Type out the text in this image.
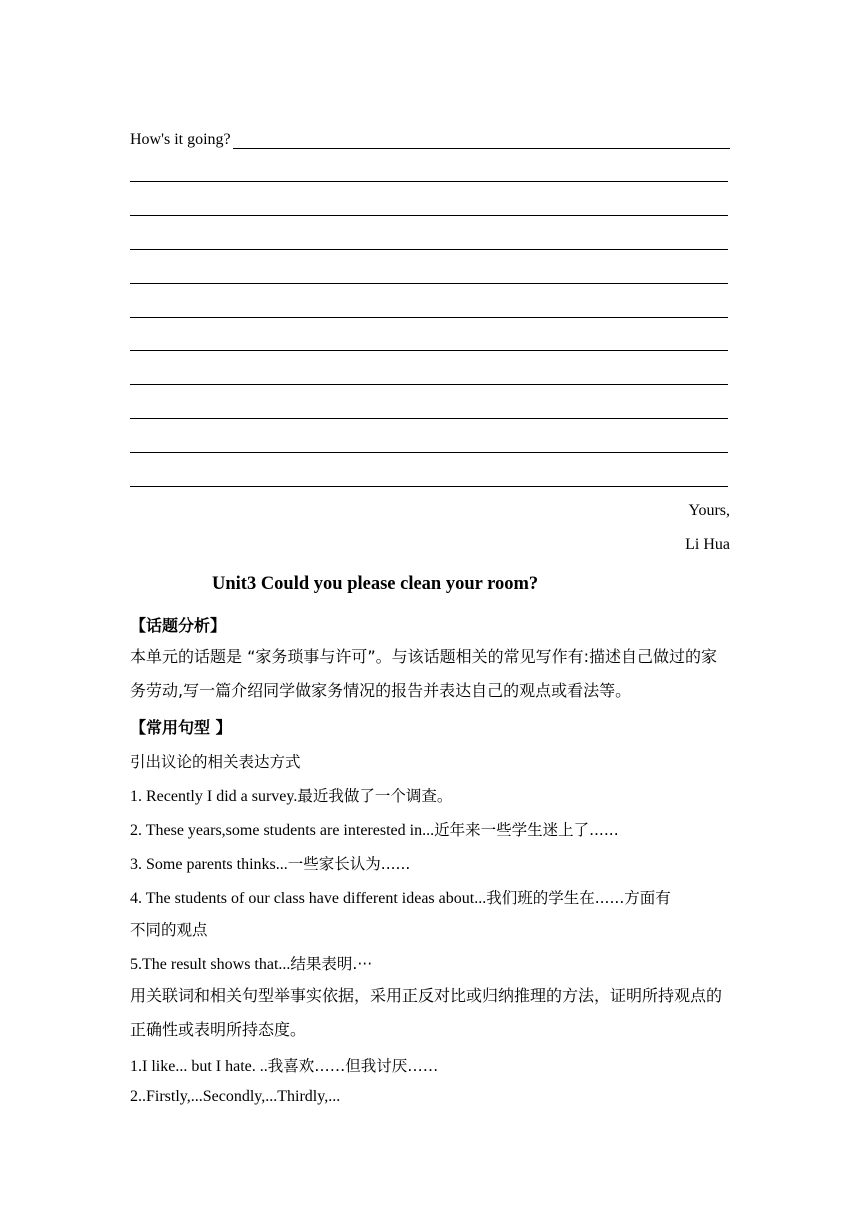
How's it going?
Yours,
Li Hua
Unit3 Could you please clean your room?
【话题分析】
本单元的话题是 “家务琐事与许可”。与该话题相关的常见写作有:描述自己做过的家务劳动,写一篇介绍同学做家务情况的报告并表达自己的观点或看法等。
【常用句型 】
引出议论的相关表达方式
1. Recently I did a survey.最近我做了一个调查。
2. These years,some students are interested in...近年来一些学生迷上了......
3. Some parents thinks...一些家长认为......
4. The students of our class have different ideas about...我们班的学生在......方面有
不同的观点
5.The result shows that...结果表明.···
用关联词和相关句型举事实依据，采用正反对比或归纳推理的方法，证明所持观点的正确性或表明所持态度。
1.I like... but I hate. ..我喜欢……但我讨厌……
2..Firstly,...Secondly,...Thirdly,...
